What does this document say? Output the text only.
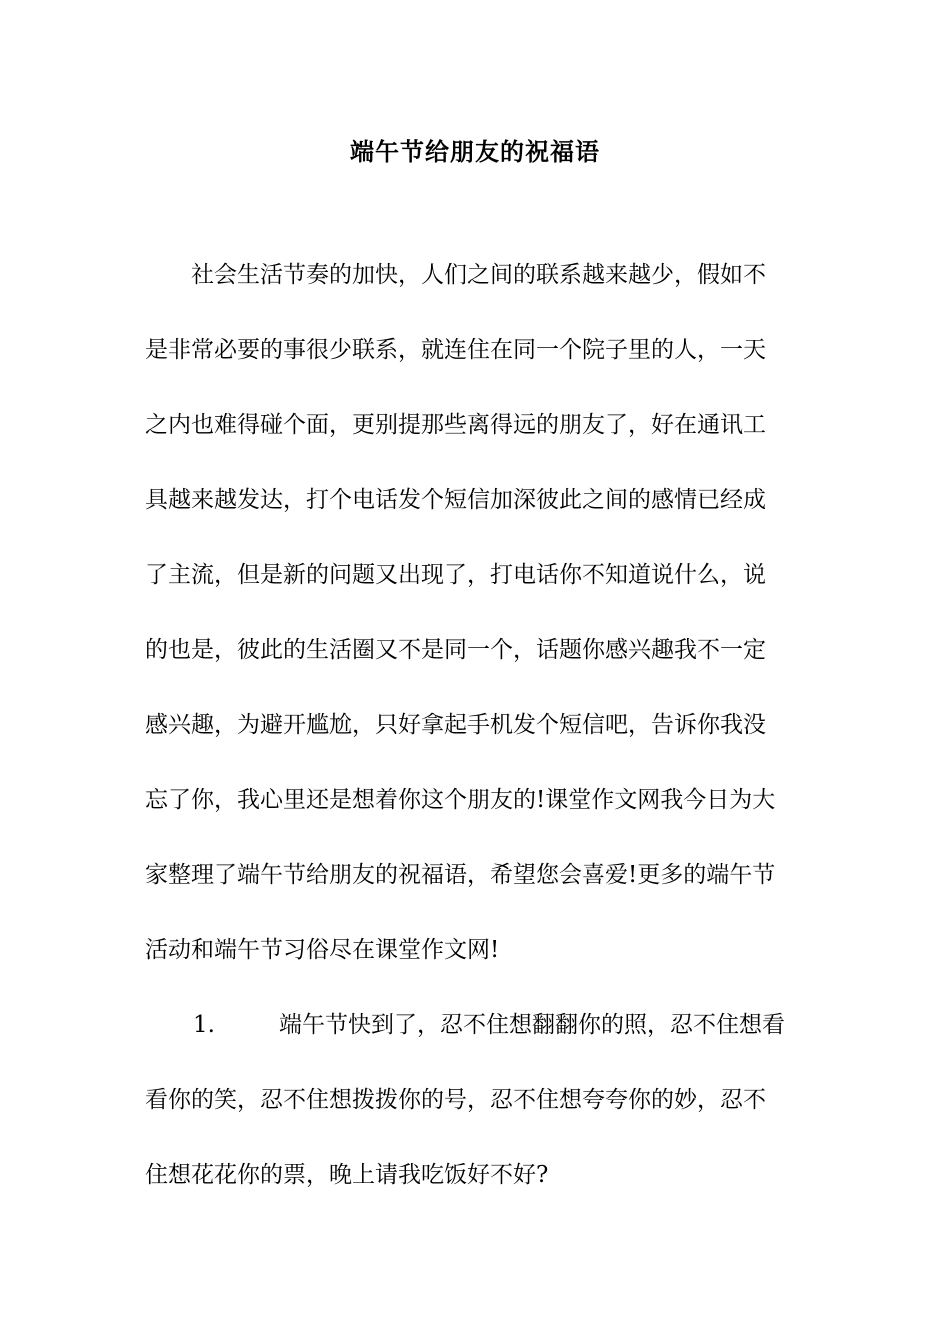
端午节给朋友的祝福语

社会生活节奏的加快，人们之间的联系越来越少，假如不
是非常必要的事很少联系，就连住在同一个院子里的人，一天
之内也难得碰个面，更别提那些离得远的朋友了，好在通讯工
具越来越发达，打个电话发个短信加深彼此之间的感情已经成
了主流，但是新的问题又出现了，打电话你不知道说什么，说
的也是，彼此的生活圈又不是同一个，话题你感兴趣我不一定
感兴趣，为避开尴尬，只好拿起手机发个短信吧，告诉你我没
忘了你，我心里还是想着你这个朋友的!课堂作文网我今日为大
家整理了端午节给朋友的祝福语，希望您会喜爱!更多的端午节
活动和端午节习俗尽在课堂作文网!

1.	端午节快到了，忍不住想翻翻你的照，忍不住想看
看你的笑，忍不住想拨拨你的号，忍不住想夸夸你的妙，忍不
住想花花你的票，晚上请我吃饭好不好?
